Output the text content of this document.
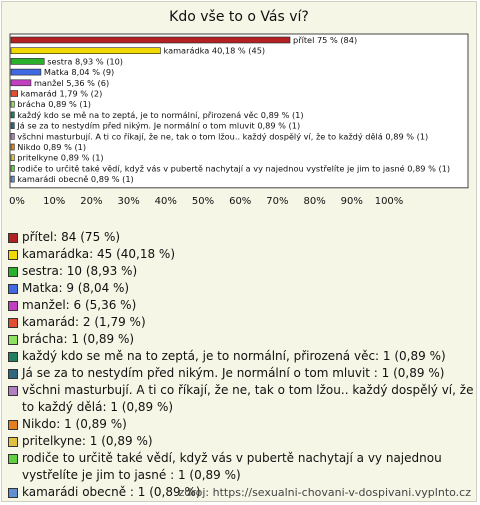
Kdo vše to o Vás ví?
přítel 75 % (84)
kamarádka 40,18 % (45)
sestra 8,93 % (10)
Matka 8,04 % (9)
manžel 5,36 % (6)
kamarád 1,79 % (2)
brácha 0,89 % (1)
každý kdo se mě na to zeptá, je to normální, přirozená věc 0,89 % (1)
Já se za to nestydím před nikým. Je normální o tom mluvit 0,89 % (1)
všchni masturbují. A ti co říkají, že ne, tak o tom lžou.. každý dospělý ví, že to každý dělá 0,89 % (1)
Nikdo 0,89 % (1)
pritelkyne 0,89 % (1)
rodiče to určitě také vědí, když vás v pubertě nachytají a vy najednou vystřelíte je jim to jasné 0,89 % (1)
kamarádi obecně 0,89 % (1)
0% 10% 20% 30% 40% 50% 60% 70% 80% 90% 100%
přítel: 84 (75 %)
kamarádka: 45 (40,18 %)
sestra: 10 (8,93 %)
Matka: 9 (8,04 %)
manžel: 6 (5,36 %)
kamarád: 2 (1,79 %)
brácha: 1 (0,89 %)
každý kdo se mě na to zeptá, je to normální, přirozená věc: 1 (0,89 %)
Já se za to nestydím před nikým. Je normální o tom mluvit : 1 (0,89 %)
všchni masturbují. A ti co říkají, že ne, tak o tom lžou.. každý dospělý ví, že to každý dělá: 1 (0,89 %)
Nikdo: 1 (0,89 %)
pritelkyne: 1 (0,89 %)
rodiče to určitě také vědí, když vás v pubertě nachytají a vy najednou vystřelíte je jim to jasné : 1 (0,89 %)
kamarádi obecně : 1 (0,89 %)
zdroj: https://sexualni-chovani-v-dospivani.vyplnto.cz
